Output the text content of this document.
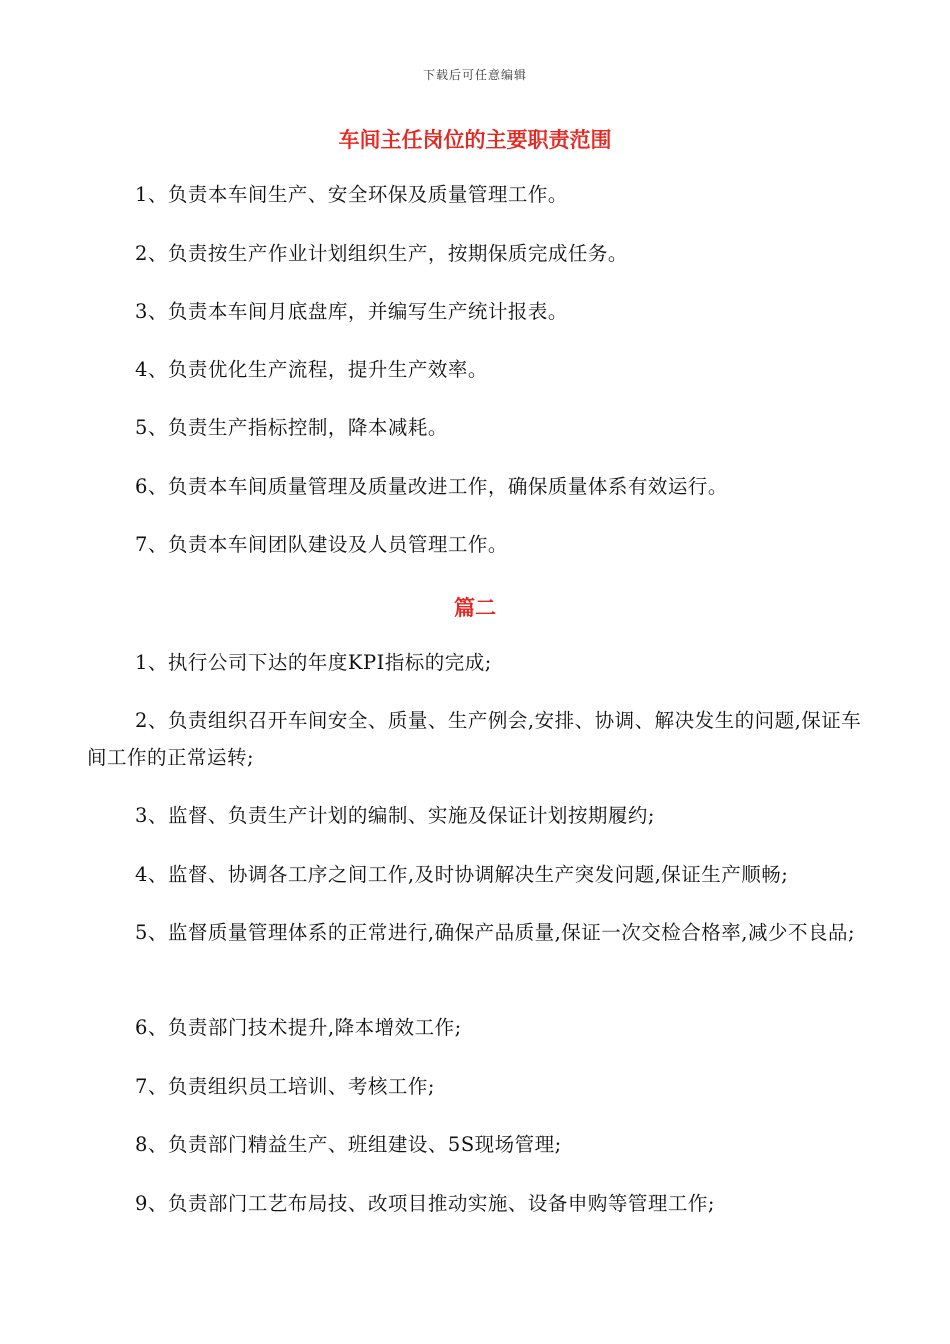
下载后可任意编辑
车间主任岗位的主要职责范围

1、负责本车间生产、安全环保及质量管理工作。

2、负责按生产作业计划组织生产，按期保质完成任务。

3、负责本车间月底盘库，并编写生产统计报表。

4、负责优化生产流程，提升生产效率。

5、负责生产指标控制，降本减耗。

6、负责本车间质量管理及质量改进工作，确保质量体系有效运行。

7、负责本车间团队建设及人员管理工作。

篇二

1、执行公司下达的年度KPI指标的完成;

2、负责组织召开车间安全、质量、生产例会,安排、协调、解决发生的问题,保证车间工作的正常运转;

3、监督、负责生产计划的编制、实施及保证计划按期履约;

4、监督、协调各工序之间工作,及时协调解决生产突发问题,保证生产顺畅;

5、监督质量管理体系的正常进行,确保产品质量,保证一次交检合格率,减少不良品;

6、负责部门技术提升,降本增效工作;

7、负责组织员工培训、考核工作;

8、负责部门精益生产、班组建设、5S现场管理;

9、负责部门工艺布局技、改项目推动实施、设备申购等管理工作;
